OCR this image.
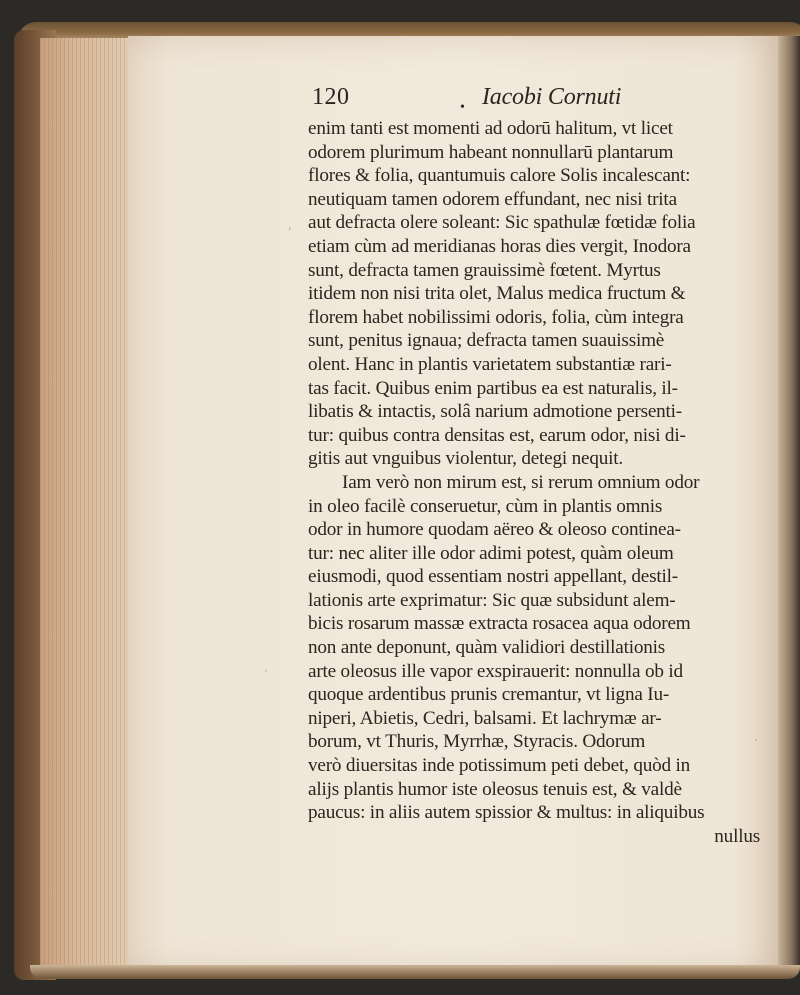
,
.
,
120	• Iacobi Cornuti
enim tanti est momenti ad odorū halitum, vt licet
odorem plurimum habeant nonnullarū plantarum
flores & folia, quantumuis calore Solis incalescant:
neutiquam tamen odorem effundant, nec nisi trita
aut defracta olere soleant: Sic spathulæ fœtidæ folia
etiam cùm ad meridianas horas dies vergit, Inodora
sunt, defracta tamen grauissimè fœtent. Myrtus
itidem non nisi trita olet, Malus medica fructum &
florem habet nobilissimi odoris, folia, cùm integra
sunt, penitus ignaua; defracta tamen suauissimè
olent. Hanc in plantis varietatem substantiæ rari-
tas facit. Quibus enim partibus ea est naturalis, il-
libatis & intactis, solâ narium admotione persenti-
tur: quibus contra densitas est, earum odor, nisi di-
gitis aut vnguibus violentur, detegi nequit.
Iam verò non mirum est, si rerum omnium odor
in oleo facilè conseruetur, cùm in plantis omnis
odor in humore quodam aëreo & oleoso continea-
tur: nec aliter ille odor adimi potest, quàm oleum
eiusmodi, quod essentiam nostri appellant, destil-
lationis arte exprimatur: Sic quæ subsidunt alem-
bicis rosarum massæ extracta rosacea aqua odorem
non ante deponunt, quàm validiori destillationis
arte oleosus ille vapor exspirauerit: nonnulla ob id
quoque ardentibus prunis cremantur, vt ligna Iu-
niperi, Abietis, Cedri, balsami. Et lachrymæ ar-
borum, vt Thuris, Myrrhæ, Styracis. Odorum
verò diuersitas inde potissimum peti debet, quòd in
alijs plantis humor iste oleosus tenuis est, & valdè
paucus: in aliis autem spissior & multus: in aliquibus
nullus
